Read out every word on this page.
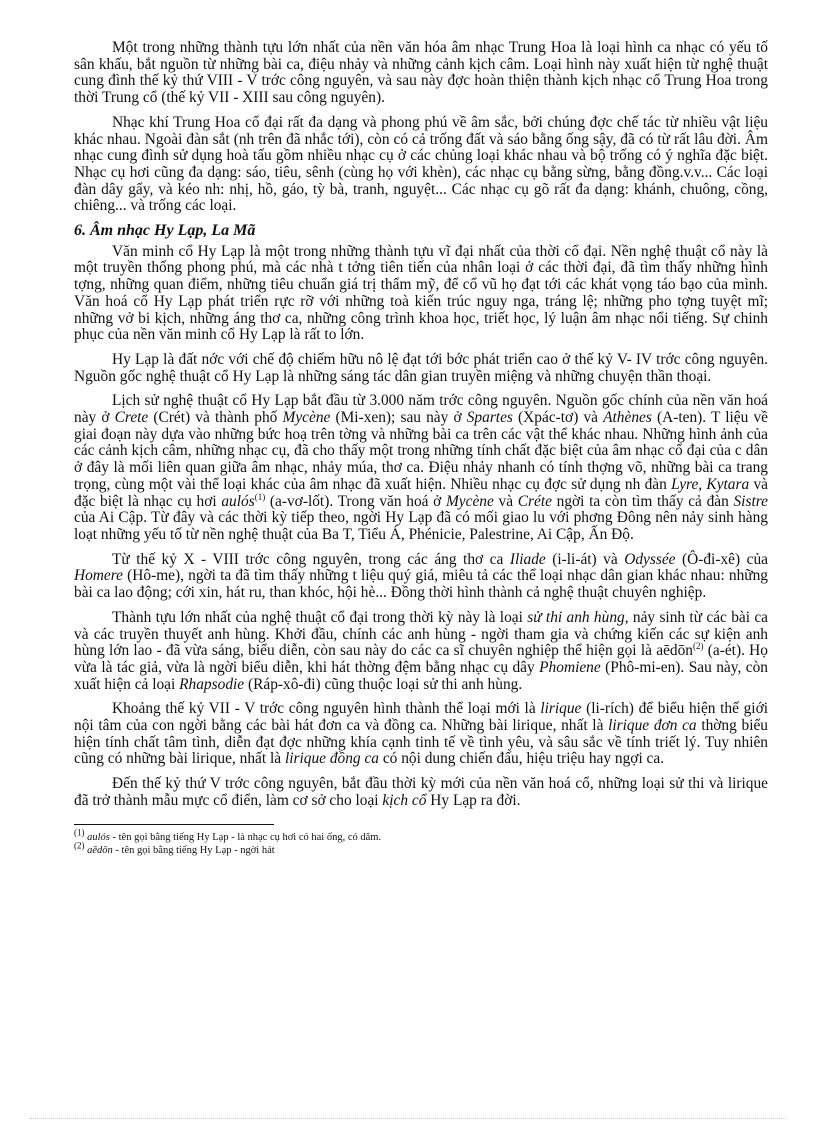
Một trong những thành tựu lớn nhất của nền văn hóa âm nhạc Trung Hoa là loại hình ca nhạc có yếu tố sân khấu, bắt nguồn từ những bài ca, điệu nhảy và những cảnh kịch câm. Loại hình này xuất hiện từ nghệ thuật cung đình thế kỷ thứ VIII - V trớc công nguyên, và sau này đợc hoàn thiện thành kịch nhạc cổ Trung Hoa trong thời Trung cổ (thế kỷ VII - XIII sau công nguyên).

Nhạc khí Trung Hoa cổ đại rất đa dạng và phong phú về âm sắc, bởi chúng đợc chế tác từ nhiều vật liệu khác nhau. Ngoài đàn sắt (nh trên đã nhắc tới), còn có cả trống đất và sáo bằng ống sậy, đã có từ rất lâu đời. Âm nhạc cung đình sử dụng hoà tấu gồm nhiều nhạc cụ ở các chủng loại khác nhau và bộ trống có ý nghĩa đặc biệt. Nhạc cụ hơi cũng đa dạng: sáo, tiêu, sênh (cùng họ với khèn), các nhạc cụ bằng sừng, bằng đồng.v.v... Các loại đàn dây gẩy, và kéo nh: nhị, hồ, gáo, tỳ bà, tranh, nguyệt... Các nhạc cụ gõ rất đa dạng: khánh, chuông, cồng, chiêng... và trống các loại.

6. Âm nhạc Hy Lạp, La Mã

Văn minh cổ Hy Lạp là một trong những thành tựu vĩ đại nhất của thời cổ đại. Nền nghệ thuật cổ này là một truyền thống phong phú, mà các nhà t tởng tiên tiến của nhân loại ở các thời đại, đã tìm thấy những hình tợng, những quan điểm, những tiêu chuẩn giá trị thẩm mỹ, để cổ vũ họ đạt tới các khát vọng táo bạo của mình. Văn hoá cổ Hy Lạp phát triển rực rỡ với những toà kiến trúc nguy nga, tráng lệ; những pho tợng tuyệt mĩ; những vở bi kịch, những áng thơ ca, những công trình khoa học, triết học, lý luận âm nhạc nổi tiếng. Sự chinh phục của nền văn minh cổ Hy Lạp là rất to lớn.

Hy Lạp là đất nớc với chế độ chiếm hữu nô lệ đạt tới bớc phát triển cao ở thế kỷ V- IV trớc công nguyên. Nguồn gốc nghệ thuật cổ Hy Lạp là những sáng tác dân gian truyền miệng và những chuyện thần thoại.

Lịch sử nghệ thuật cổ Hy Lạp bắt đầu từ 3.000 năm trớc công nguyên. Nguồn gốc chính của nền văn hoá này ở Crete (Crét) và thành phố Mycène (Mi-xen); sau này ở Spartes (Xpác-tơ) và Athènes (A-ten). T liệu về giai đoạn này dựa vào những bức hoạ trên tờng và những bài ca trên các vật thể khác nhau. Những hình ảnh của các cảnh kịch câm, những nhạc cụ, đã cho thấy một trong những tính chất đặc biệt của âm nhạc cổ đại của c dân ở đây là mối liên quan giữa âm nhạc, nhảy múa, thơ ca. Điệu nhảy nhanh có tính thợng võ, những bài ca trang trọng, cùng một vài thể loại khác của âm nhạc đã xuất hiện. Nhiều nhạc cụ đợc sử dụng nh đàn Lyre, Kytara và đặc biệt là nhạc cụ hơi aulós$^{(1)}$ (a-vơ-lốt). Trong văn hoá ở Mycène và Créte ngời ta còn tìm thấy cả đàn Sistre của Ai Cập. Từ đây và các thời kỳ tiếp theo, ngời Hy Lạp đã có mối giao lu với phơng Đông nên nảy sinh hàng loạt những yếu tố từ nền nghệ thuật của Ba T, Tiểu Á, Phénicie, Palestrine, Ai Cập, Ấn Độ.

Từ thế kỷ X - VIII trớc công nguyên, trong các áng thơ ca Iliade (i-li-át) và Odyssée (Ô-đi-xê) của Homere (Hô-me), ngời ta đã tìm thấy những t liệu quý giá, miêu tả các thể loại nhạc dân gian khác nhau: những bài ca lao động; cới xin, hát ru, than khóc, hội hè... Đồng thời hình thành cả nghệ thuật chuyên nghiệp.

Thành tựu lớn nhất của nghệ thuật cổ đại trong thời kỳ này là loại sử thi anh hùng, nảy sinh từ các bài ca và các truyền thuyết anh hùng. Khởi đầu, chính các anh hùng - ngời tham gia và chứng kiến các sự kiện anh hùng lớn lao - đã vừa sáng, biểu diễn, còn sau này do các ca sĩ chuyên nghiệp thể hiện gọi là aēdōn$^{(2)}$ (a-ét). Họ vừa là tác giả, vừa là ngời biểu diễn, khi hát thờng đệm bằng nhạc cụ dây Phomiene (Phô-mi-en). Sau này, còn xuất hiện cả loại Rhapsodie (Ráp-xô-đi) cũng thuộc loại sử thi anh hùng.

Khoảng thế kỷ VII - V trớc công nguyên hình thành thể loại mới là lirique (li-rích) để biểu hiện thế giới nội tâm của con ngời bằng các bài hát đơn ca và đồng ca. Những bài lirique, nhất là lirique đơn ca thờng biểu hiện tính chất tâm tình, diễn đạt đợc những khía cạnh tinh tế về tình yêu, và sâu sắc về tính triết lý. Tuy nhiên cũng có những bài lirique, nhất là lirique đồng ca có nội dung chiến đấu, hiệu triệu hay ngợi ca.

Đến thế kỷ thứ V trớc công nguyên, bắt đầu thời kỳ mới của nền văn hoá cổ, những loại sử thi và lirique đã trở thành mẫu mực cổ điển, làm cơ sở cho loại kịch cổ Hy Lạp ra đời.

$^{(1)}$ aulós - tên gọi bằng tiếng Hy Lạp - là nhạc cụ hơi có hai ống, có dăm.

$^{(2)}$ aēdōn - tên gọi bằng tiếng Hy Lạp - ngời hát
